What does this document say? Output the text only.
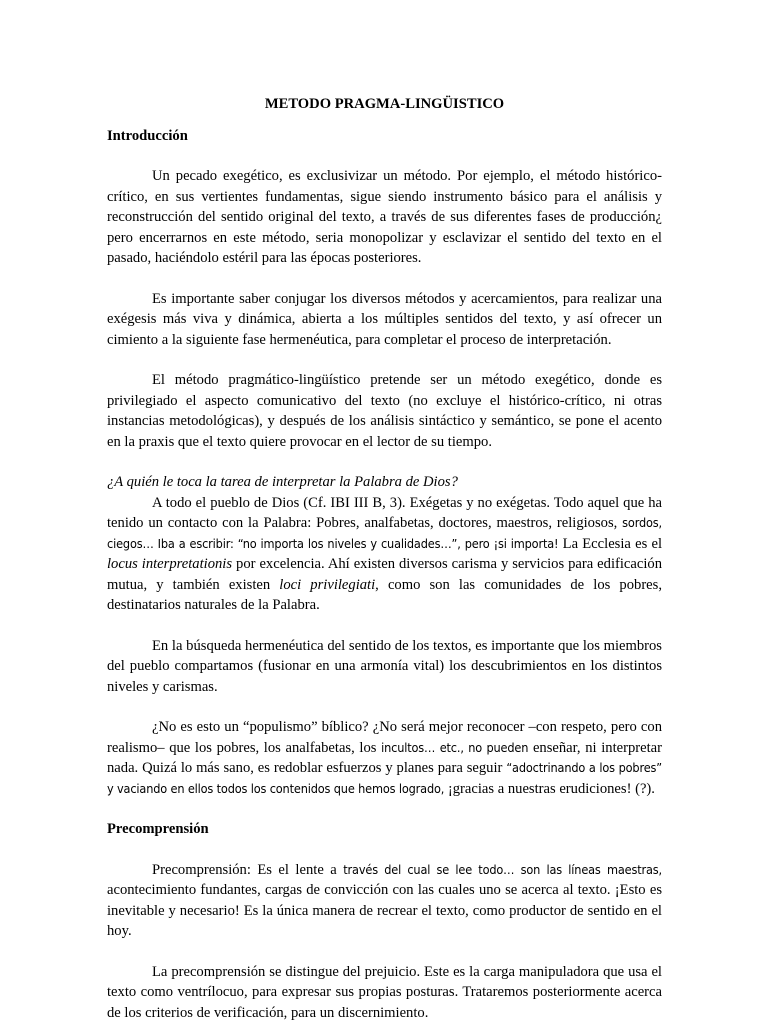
METODO PRAGMA-LINGÜISTICO
Introducción

Un pecado exegético, es exclusivizar un método. Por ejemplo, el método histórico-crítico, en sus vertientes fundamentas, sigue siendo instrumento básico para el análisis y reconstrucción del sentido original del texto, a través de sus diferentes fases de producción¿ pero encerrarnos en este método, seria monopolizar y esclavizar el sentido del texto en el pasado, haciéndolo estéril para las épocas posteriores.

Es importante saber conjugar los diversos métodos y acercamientos, para realizar una exégesis más viva y dinámica, abierta a los múltiples sentidos del texto, y así ofrecer un cimiento a la siguiente fase hermenéutica, para completar el proceso de interpretación.

El método pragmático-lingüístico pretende ser un método exegético, donde es privilegiado el aspecto comunicativo del texto (no excluye el histórico-crítico, ni otras instancias metodológicas), y después de los análisis sintáctico y semántico, se pone el acento en la praxis que el texto quiere provocar en el lector de su tiempo.

¿A quién le toca la tarea de interpretar la Palabra de Dios?

A todo el pueblo de Dios (Cf. IBI III B, 3). Exégetas y no exégetas. Todo aquel que ha tenido un contacto con la Palabra: Pobres, analfabetas, doctores, maestros, religiosos, sordos, ciegos… Iba a escribir: “no importa los niveles y cualidades…”, pero ¡si importa! La Ecclesia es el locus interpretationis por excelencia. Ahí existen diversos carisma y servicios para edificación mutua, y también existen loci privilegiati, como son las comunidades de los pobres, destinatarios naturales de la Palabra.

En la búsqueda hermenéutica del sentido de los textos, es importante que los miembros del pueblo compartamos (fusionar en una armonía vital) los descubrimientos en los distintos niveles y carismas.

¿No es esto un “populismo” bíblico? ¿No será mejor reconocer –con respeto, pero con realismo– que los pobres, los analfabetas, los incultos… etc., no pueden enseñar, ni interpretar nada. Quizá lo más sano, es redoblar esfuerzos y planes para seguir “adoctrinando a los pobres” y vaciando en ellos todos los contenidos que hemos logrado, ¡gracias a nuestras erudiciones! (?).

Precomprensión

Precomprensión: Es el lente a través del cual se lee todo… son las líneas maestras, acontecimiento fundantes, cargas de convicción con las cuales uno se acerca al texto. ¡Esto es inevitable y necesario! Es la única manera de recrear el texto, como productor de sentido en el hoy.

La precomprensión se distingue del prejuicio. Este es la carga manipuladora que usa el texto como ventrílocuo, para expresar sus propias posturas. Trataremos posteriormente acerca de los criterios de verificación, para un discernimiento.
